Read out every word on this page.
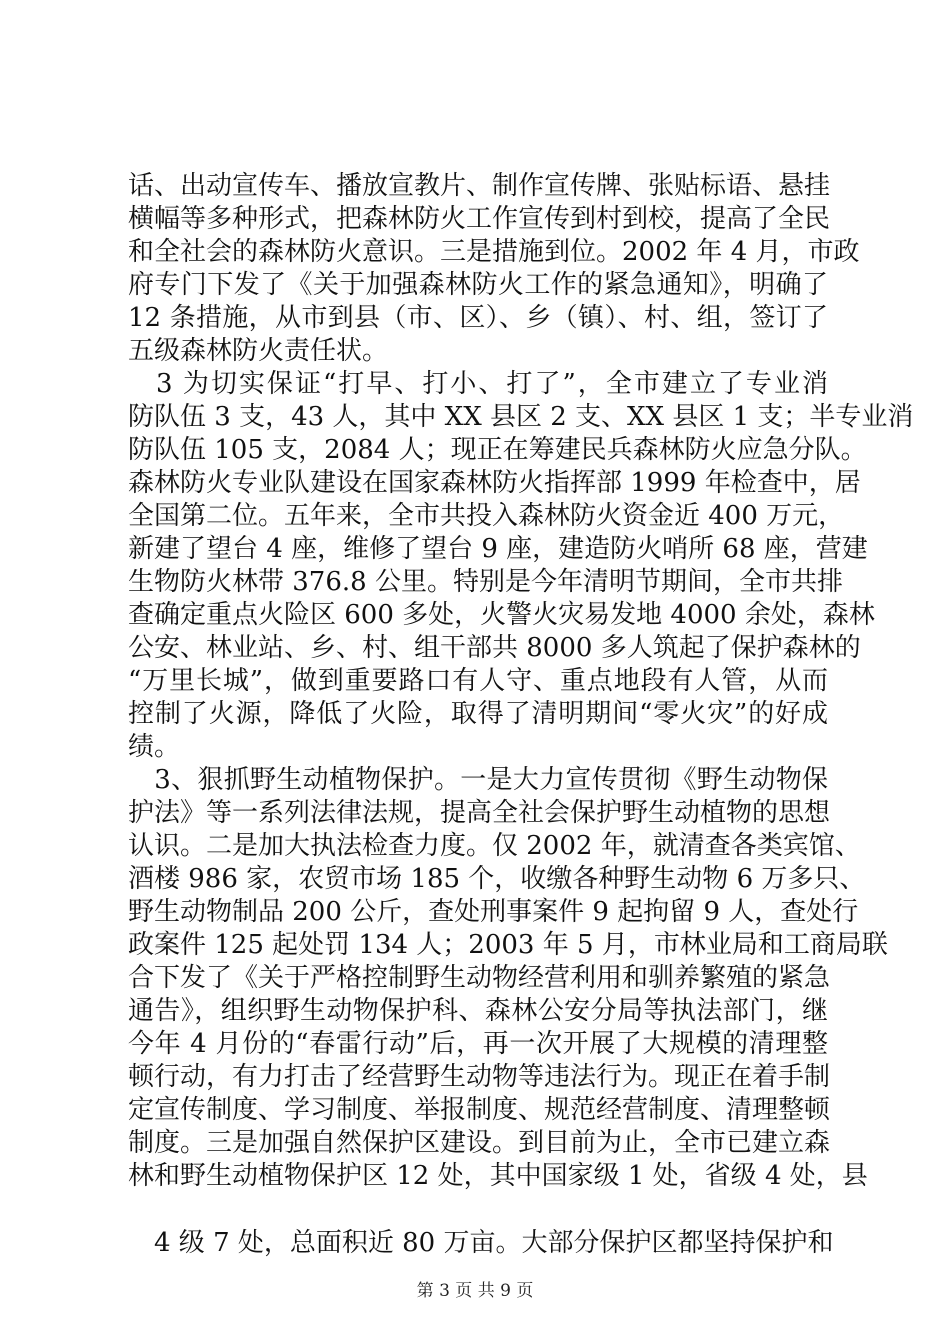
话、出动宣传车、播放宣教片、制作宣传牌、张贴标语、悬挂
横幅等多种形式，把森林防火工作宣传到村到校，提高了全民
和全社会的森林防火意识。三是措施到位。2002 年 4 月，市政
府专门下发了《关于加强森林防火工作的紧急通知》，明确了
12 条措施，从市到县（市、区）、乡（镇）、村、组，签订了
五级森林防火责任状。
　3 为切实保证“打早、打小、打了”，全市建立了专业消
防队伍 3 支，43 人，其中 XX 县区 2 支、XX 县区 1 支；半专业消
防队伍 105 支，2084 人；现正在筹建民兵森林防火应急分队。
森林防火专业队建设在国家森林防火指挥部 1999 年检查中，居
全国第二位。五年来，全市共投入森林防火资金近 400 万元，
新建了望台 4 座，维修了望台 9 座，建造防火哨所 68 座，营建
生物防火林带 376.8 公里。特别是今年清明节期间，全市共排
查确定重点火险区 600 多处，火警火灾易发地 4000 余处，森林
公安、林业站、乡、村、组干部共 8000 多人筑起了保护森林的
“万里长城”，做到重要路口有人守、重点地段有人管，从而
控制了火源，降低了火险，取得了清明期间“零火灾”的好成
绩。
　3、狠抓野生动植物保护。一是大力宣传贯彻《野生动物保
护法》等一系列法律法规，提高全社会保护野生动植物的思想
认识。二是加大执法检查力度。仅 2002 年，就清查各类宾馆、
酒楼 986 家，农贸市场 185 个，收缴各种野生动物 6 万多只、
野生动物制品 200 公斤，查处刑事案件 9 起拘留 9 人，查处行
政案件 125 起处罚 134 人；2003 年 5 月，市林业局和工商局联
合下发了《关于严格控制野生动物经营利用和驯养繁殖的紧急
通告》，组织野生动物保护科、森林公安分局等执法部门，继
今年 4 月份的“春雷行动”后，再一次开展了大规模的清理整
顿行动，有力打击了经营野生动物等违法行为。现正在着手制
定宣传制度、学习制度、举报制度、规范经营制度、清理整顿
制度。三是加强自然保护区建设。到目前为止，全市已建立森
林和野生动植物保护区 12 处，其中国家级 1 处，省级 4 处，县
　4 级 7 处，总面积近 80 万亩。大部分保护区都坚持保护和
第 3 页 共 9 页
